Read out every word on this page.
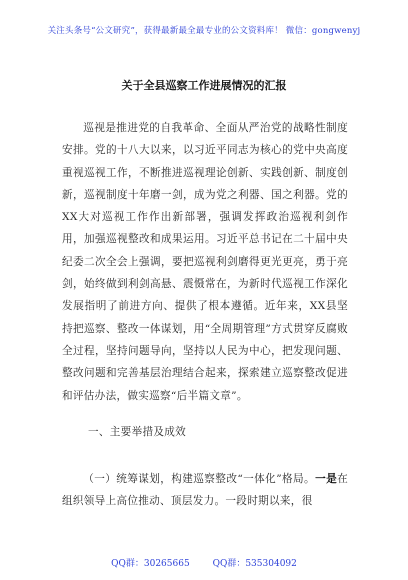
关注头条号“公文研究”，获得最新最全最专业的公文资料库！ 微信：gongwenyj
关于全县巡察工作进展情况的汇报

巡视是推进党的自我革命、全面从严治党的战略性制度安排。党的十八大以来，以习近平同志为核心的党中央高度重视巡视工作，不断推进巡视理论创新、实践创新、制度创新，巡视制度十年磨一剑，成为党之利器、国之利器。党的XX大对巡视工作作出新部署，强调发挥政治巡视利剑作用，加强巡视整改和成果运用。习近平总书记在二十届中央纪委二次全会上强调，要把巡视利剑磨得更光更亮，勇于亮剑，始终做到利剑高悬、震慑常在，为新时代巡视工作深化发展指明了前进方向、提供了根本遵循。近年来，XX县坚持把巡察、整改一体谋划，用“全周期管理”方式贯穿反腐败全过程，坚持问题导向，坚持以人民为中心，把发现问题、整改问题和完善基层治理结合起来，探索建立巡察整改促进和评估办法，做实巡察“后半篇文章”。

一、主要举措及成效

（一）统筹谋划，构建巡察整改“一体化”格局。一是在组织领导上高位推动、顶层发力。一段时期以来，很

QQ群：30265665	QQ群：535304092
